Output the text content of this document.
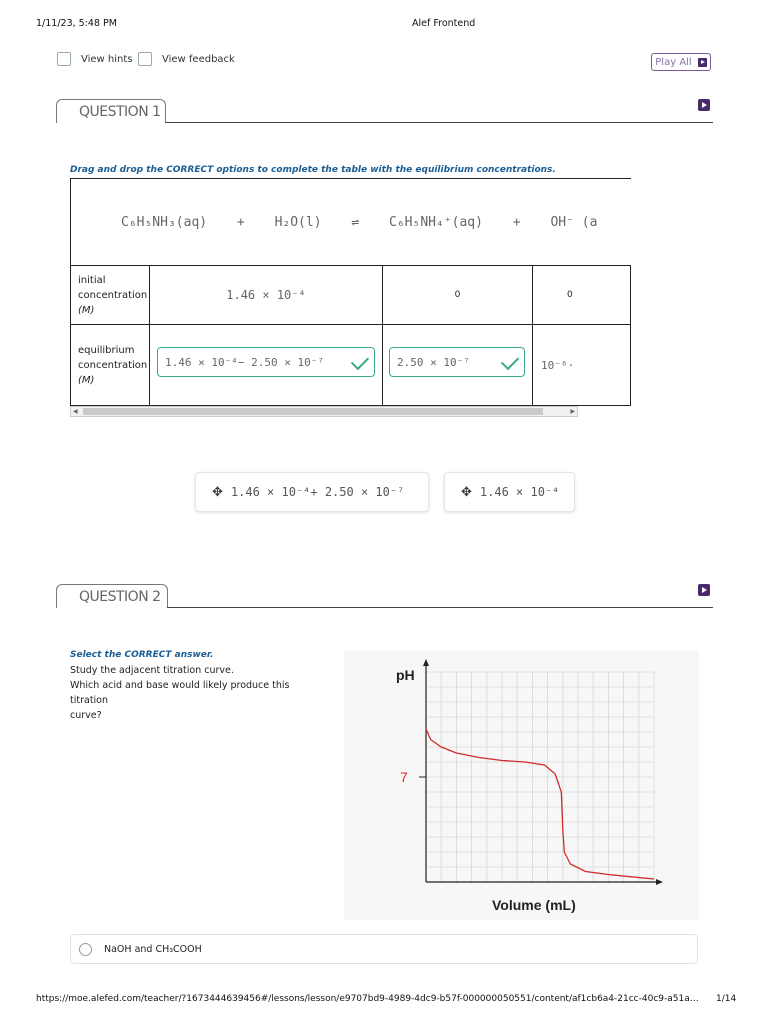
1/11/23, 5:48 PM	Alef Frontend
View hints	View feedback	Play All
QUESTION 1
Drag and drop the CORRECT options to complete the table with the equilibrium concentrations.
C₆H₅NH₃(aq) + H₂O(l) ⇌ C₆H₅NH₄⁺(aq) + OH⁻ (a			

initial
concentration
(M)	1.46 × 10⁻⁴	0	0

equilibrium
concentration
(M)	1.46 × 10⁻⁴− 2.50 × 10⁻⁷	2.50 × 10⁻⁷	10⁻⁶·
◀	▶
✥ 1.46 × 10⁻⁴+ 2.50 × 10⁻⁷	✥ 1.46 × 10⁻⁴
QUESTION 2
Select the CORRECT answer.
Study the adjacent titration curve.
Which acid and base would likely produce this titration
curve?
pH
Volume (mL)
7
NaOH and CH₃COOH
https://moe.alefed.com/teacher/?1673444639456#/lessons/lesson/e9707bd9-4989-4dc9-b57f-000000050551/content/af1cb6a4-21cc-40c9-a51a… 1/14
